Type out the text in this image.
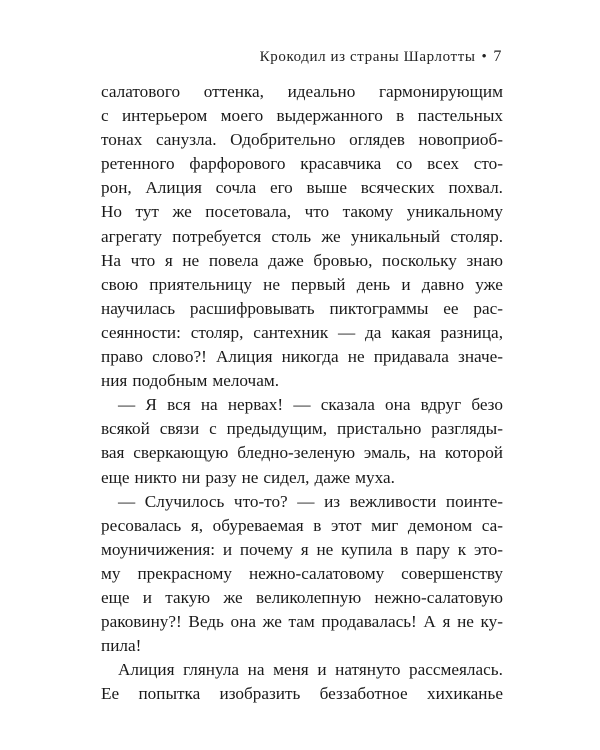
Крокодил из страны Шарлотты • 7
салатового оттенка, идеально гармонирующим
с интерьером моего выдержанного в пастельных
тонах санузла. Одобрительно оглядев новоприоб-
ретенного фарфорового красавчика со всех сто-
рон, Алиция сочла его выше всяческих похвал.
Но тут же посетовала, что такому уникальному
агрегату потребуется столь же уникальный столяр.
На что я не повела даже бровью, поскольку знаю
свою приятельницу не первый день и давно уже
научилась расшифровывать пиктограммы ее рас-
сеянности: столяр, сантехник — да какая разница,
право слово?! Алиция никогда не придавала значе-
ния подобным мелочам.
— Я вся на нервах! — сказала она вдруг безо
всякой связи с предыдущим, пристально разгляды-
вая сверкающую бледно-зеленую эмаль, на которой
еще никто ни разу не сидел, даже муха.
— Случилось что-то? — из вежливости поинте-
ресовалась я, обуреваемая в этот миг демоном са-
моуничижения: и почему я не купила в пару к это-
му прекрасному нежно-салатовому совершенству
еще и такую же великолепную нежно-салатовую
раковину?! Ведь она же там продавалась! А я не ку-
пила!
Алиция глянула на меня и натянуто рассмеялась.
Ее попытка изобразить беззаботное хихиканье
